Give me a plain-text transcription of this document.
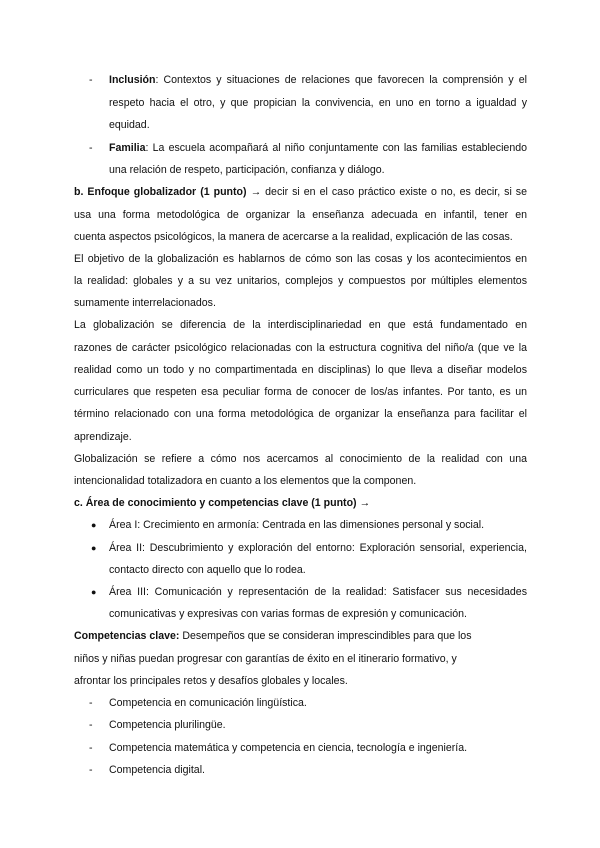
- Inclusión: Contextos y situaciones de relaciones que favorecen la comprensión y el
respeto hacia el otro, y que propician la convivencia, en uno en torno a igualdad y
equidad.
- Familia: La escuela acompañará al niño conjuntamente con las familias estableciendo
una relación de respeto, participación, confianza y diálogo.
b. Enfoque globalizador (1 punto) → decir si en el caso práctico existe o no, es decir, si se
usa una forma metodológica de organizar la enseñanza adecuada en infantil, tener en
cuenta aspectos psicológicos, la manera de acercarse a la realidad, explicación de las cosas.
El objetivo de la globalización es hablarnos de cómo son las cosas y los acontecimientos en
la realidad: globales y a su vez unitarios, complejos y compuestos por múltiples elementos
sumamente interrelacionados.
La globalización se diferencia de la interdisciplinariedad en que está fundamentado en
razones de carácter psicológico relacionadas con la estructura cognitiva del niño/a (que ve la
realidad como un todo y no compartimentada en disciplinas) lo que lleva a diseñar modelos
curriculares que respeten esa peculiar forma de conocer de los/as infantes. Por tanto, es un
término relacionado con una forma metodológica de organizar la enseñanza para facilitar el
aprendizaje.
Globalización se refiere a cómo nos acercamos al conocimiento de la realidad con una
intencionalidad totalizadora en cuanto a los elementos que la componen.
c. Área de conocimiento y competencias clave (1 punto) →
● Área I: Crecimiento en armonía: Centrada en las dimensiones personal y social.
● Área II: Descubrimiento y exploración del entorno: Exploración sensorial, experiencia,
contacto directo con aquello que lo rodea.
● Área III: Comunicación y representación de la realidad: Satisfacer sus necesidades
comunicativas y expresivas con varias formas de expresión y comunicación.
Competencias clave: Desempeños que se consideran imprescindibles para que los
niños y niñas puedan progresar con garantías de éxito en el itinerario formativo, y
afrontar los principales retos y desafíos globales y locales.
- Competencia en comunicación lingüística.
- Competencia plurilingüe.
- Competencia matemática y competencia en ciencia, tecnología e ingeniería.
- Competencia digital.
